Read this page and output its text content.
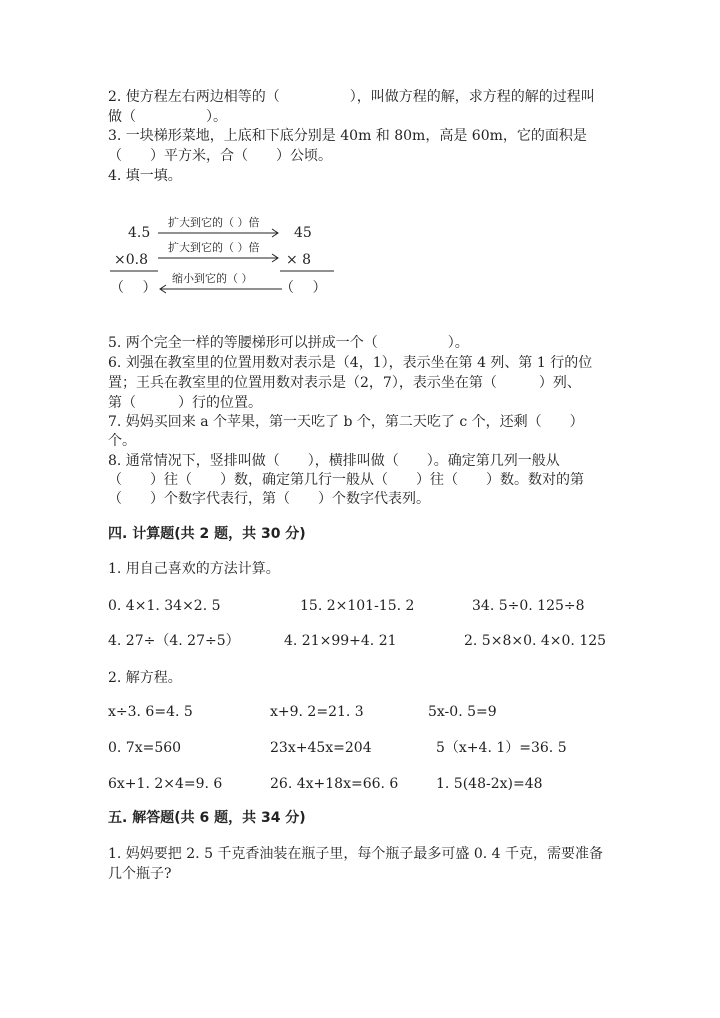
2. 使方程左右两边相等的（　　　　　），叫做方程的解，求方程的解的过程叫
做（　　　　　）。
3. 一块梯形菜地，上底和下底分别是 40m 和 80m，高是 60m，它的面积是
（　　）平方米，合（　　）公顷。
4. 填一填。
4.5
扩大到它的（ ）倍
45
×0.8
扩大到它的（ ）倍
× 8
（　 ）
缩小到它的（ ）
（　 ）
5. 两个完全一样的等腰梯形可以拼成一个（　　　　　）。
6. 刘强在教室里的位置用数对表示是（4，1），表示坐在第 4 列、第 1 行的位
置；王兵在教室里的位置用数对表示是（2，7），表示坐在第（　　　）列、
第（　　　）行的位置。
7. 妈妈买回来 a 个苹果，第一天吃了 b 个，第二天吃了 c 个，还剩（　　）
个。
8. 通常情况下，竖排叫做（　　），横排叫做（　　）。确定第几列一般从
（　　）往（　　）数，确定第几行一般从（　　）往（　　）数。数对的第
（　　）个数字代表行，第（　　）个数字代表列。
四. 计算题(共 2 题，共 30 分)
1. 用自己喜欢的方法计算。
0. 4×1. 34×2. 5	15. 2×101-15. 2	34. 5÷0. 125÷8
4. 27÷（4. 27÷5）	4. 21×99+4. 21	2. 5×8×0. 4×0. 125
2. 解方程。
x÷3. 6=4. 5	x+9. 2=21. 3	5x-0. 5=9
0. 7x=560	23x+45x=204	5（x+4. 1）=36. 5
6x+1. 2×4=9. 6	26. 4x+18x=66. 6	1. 5(48-2x)=48
五. 解答题(共 6 题，共 34 分)
1. 妈妈要把 2. 5 千克香油装在瓶子里，每个瓶子最多可盛 0. 4 千克，需要准备
几个瓶子?
